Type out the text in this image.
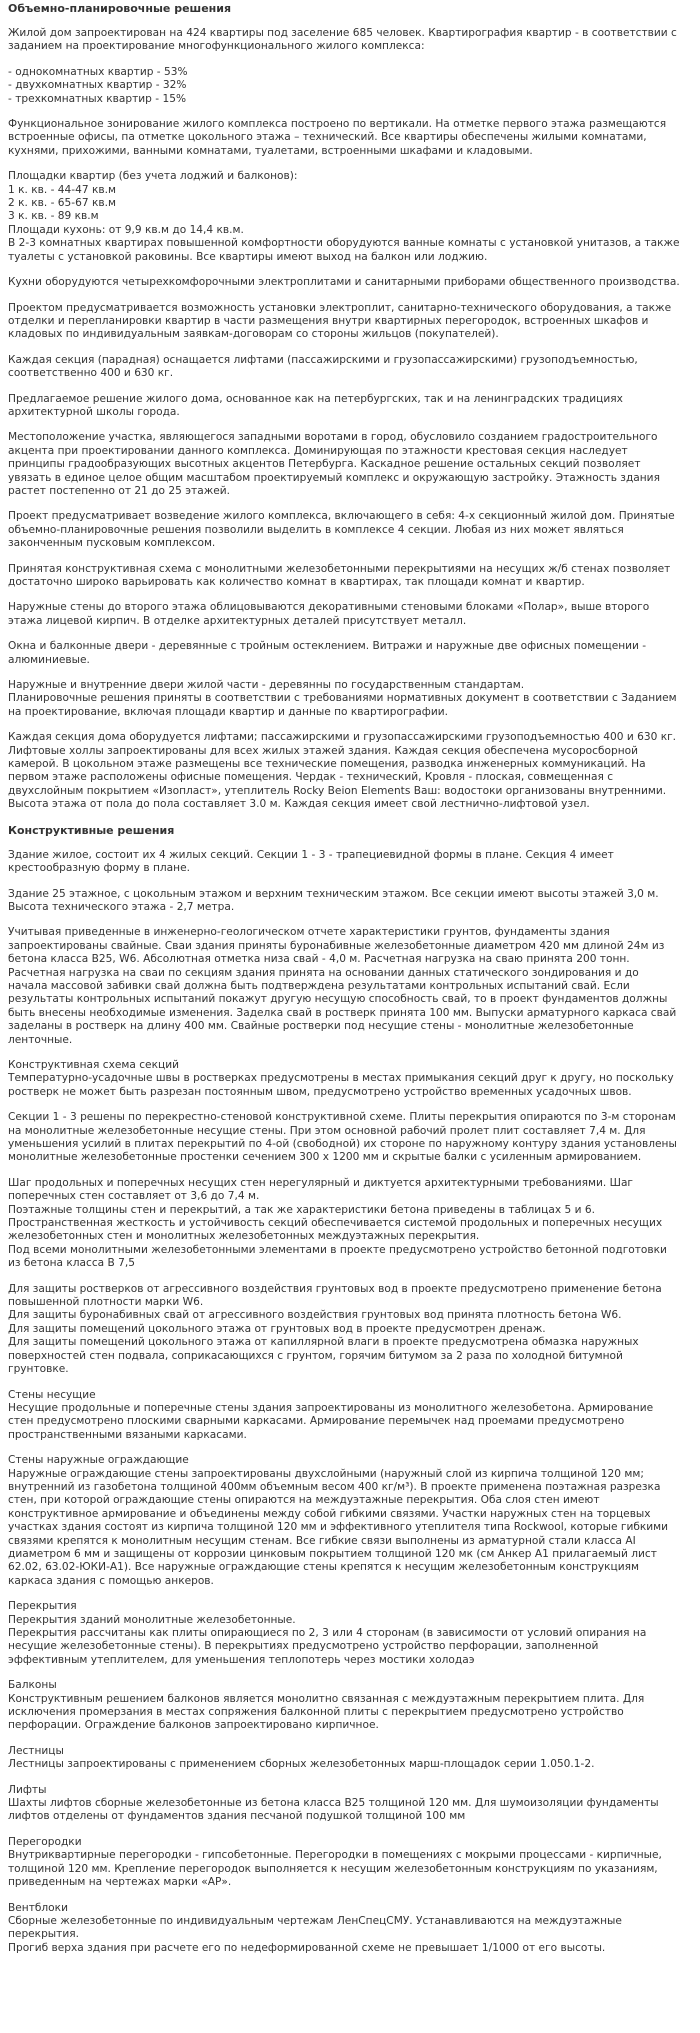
Объемно-планировочные решения

Жилой дом запроектирован на 424 квартиры под заселение 685 человек. Квартирография квартир - в соответствии с заданием на проектирование многофункционального жилого комплекса:

- однокомнатных квартир - 53%
- двухкомнатных квартир - 32%
- трехкомнатных квартир - 15%

Функциональное зонирование жилого комплекса построено по вертикали. На отметке первого этажа размещаются встроенные офисы, па отметке цокольного этажа – технический. Все квартиры обеспечены жилыми комнатами, кухнями, прихожими, ванными комнатами, туалетами, встроенными шкафами и кладовыми.

Площадки квартир (без учета лоджий и балконов):
1 к. кв. - 44-47 кв.м
2 к. кв. - 65-67 кв.м
3 к. кв. - 89 кв.м
Площади кухонь: от 9,9 кв.м до 14,4 кв.м.
В 2-3 комнатных квартирах повышенной комфортности оборудуются ванные комнаты с установкой унитазов, а также туалеты с установкой раковины. Все квартиры имеют выход на балкон или лоджию.

Кухни оборудуются четырехкомфорочными электроплитами и санитарными приборами общественного производства.

Проектом предусматривается возможность установки электроплит, санитарно-технического оборудования, а также отделки и перепланировки квартир в части размещения внутри квартирных перегородок, встроенных шкафов и кладовых по индивидуальным заявкам-договорам со стороны жильцов (покупателей).

Каждая секция (парадная) оснащается лифтами (пассажирскими и грузопассажирскими) грузоподъемностью, соответственно 400 и 630 кг.

Предлагаемое решение жилого дома, основанное как на петербургских, так и на ленинградских традициях архитектурной школы города.

Местоположение участка, являющегося западными воротами в город, обусловило созданием градостроительного акцента при проектировании данного комплекса. Доминирующая по этажности крестовая секция наследует принципы градообразующих высотных акцентов Петербурга. Каскадное решение остальных секций позволяет увязать в единое целое общим масштабом проектируемый комплекс и окружающую застройку. Этажность здания растет постепенно от 21 до 25 этажей.

Проект предусматривает возведение жилого комплекса, включающего в себя: 4-х секционный жилой дом. Принятые объемно-планировочные решения позволили выделить в комплексе 4 секции. Любая из них может являться законченным пусковым комплексом.

Принятая конструктивная схема с монолитными железобетонными перекрытиями на несущих ж/б стенах позволяет достаточно широко варьировать как количество комнат в квартирах, так площади комнат и квартир.

Наружные стены до второго этажа облицовываются декоративными стеновыми блоками «Полар», выше второго этажа лицевой кирпич. В отделке архитектурных деталей присутствует металл.

Окна и балконные двери - деревянные с тройным остеклением. Витражи и наружные две офисных помещении - алюминиевые.

Наружные и внутренние двери жилой части - деревянны по государственным стандартам.
Планировочные решения приняты в соответствии с требованиями нормативных документ в соответствии с Заданием на проектирование, включая площади квартир и данные по квартирографии.

Каждая секция дома оборудуется лифтами; пассажирскими и грузопассажирскими грузоподъемностью 400 и 630 кг. Лифтовые холлы запроектированы для всех жилых этажей здания. Каждая секция обеспечена мусоросборной камерой. В цокольном этаже размещены все технические помещения, разводка инженерных коммуникаций. На первом этаже расположены офисные помещения. Чердак - технический, Кровля - плоская, совмещенная с двухслойным покрытием «Изопласт», утеплитель Rocky Beion Elements Ваш: водостоки организованы внутренними. Высота этажа от пола до пола составляет 3.0 м. Каждая секция имеет свой лестнично-лифтовой узел.

Конструктивные решения

Здание жилое, состоит их 4 жилых секций. Секции 1 - 3 - трапециевидной формы в плане. Секция 4 имеет крестообразную форму в плане.

Здание 25 этажное, с цокольным этажом и верхним техническим этажом. Все секции имеют высоты этажей 3,0 м. Высота технического этажа - 2,7 метра.

Учитывая приведенные в инженерно-геологическом отчете характеристики грунтов, фундаменты здания запроектированы свайные. Сваи здания приняты буронабивные железобетонные диаметром 420 мм длиной 24м из бетона класса В25, W6. Абсолютная отметка низа свай - 4,0 м. Расчетная нагрузка на сваю принята 200 тонн. Расчетная нагрузка на сваи по секциям здания принята на основании данных статического зондирования и до начала массовой забивки свай должна быть подтверждена результатами контрольных испытаний свай. Если результаты контрольных испытаний покажут другую несущую способность свай, то в проект фундаментов должны быть внесены необходимые изменения. Заделка свай в ростверк принята 100 мм. Выпуски арматурного каркаса свай заделаны в ростверк на длину 400 мм. Свайные ростверки под несущие стены - монолитные железобетонные ленточные.

Конструктивная схема секций
Температурно-усадочные швы в ростверках предусмотрены в местах примыкания секций друг к другу, но поскольку ростверк не может быть разрезан постоянным швом, предусмотрено устройство временных усадочных швов.

Секции 1 - 3 решены по перекрестно-стеновой конструктивной схеме. Плиты перекрытия опираются по 3-м сторонам на монолитные железобетонные несущие стены. При этом основной рабочий пролет плит составляет 7,4 м. Для уменьшения усилий в плитах перекрытий по 4-ой (свободной) их стороне по наружному контуру здания установлены монолитные железобетонные простенки сечением 300 х 1200 мм и скрытые балки с усиленным армированием.

Шаг продольных и поперечных несущих стен нерегулярный и диктуется архитектурными требованиями. Шаг поперечных стен составляет от 3,6 до 7,4 м.
Поэтажные толщины стен и перекрытий, а так же характеристики бетона приведены в таблицах 5 и 6.
Пространственная жесткость и устойчивость секций обеспечивается системой продольных и поперечных несущих железобетонных стен и монолитных железобетонных междуэтажных перекрытия.
Под всеми монолитными железобетонными элементами в проекте предусмотрено устройство бетонной подготовки из бетона класса В 7,5

Для защиты ростверков от агрессивного воздействия грунтовых вод в проекте предусмотрено применение бетона повышенной плотности марки W6.
Для защиты буронабивных свай от агрессивного воздействия грунтовых вод принята плотность бетона W6.
Для защиты помещений цокольного этажа от грунтовых вод в проекте предусмотрен дренаж.
Для защиты помещений цокольного этажа от капиллярной влаги в проекте предусмотрена обмазка наружных поверхностей стен подвала, соприкасающихся с грунтом, горячим битумом за 2 раза по холодной битумной грунтовке.

Стены несущие
Несущие продольные и поперечные стены здания запроектированы из монолитного железобетона. Армирование стен предусмотрено плоскими сварными каркасами. Армирование перемычек над проемами предусмотрено пространственными вязаными каркасами.

Стены наружные ограждающие
Наружные ограждающие стены запроектированы двухслойными (наружный слой из кирпича толщиной 120 мм; внутренний из газобетона толщиной 400мм объемным весом 400 кг/м³). В проекте применена поэтажная разрезка стен, при которой ограждающие стены опираются на междуэтажные перекрытия. Оба слоя стен имеют конструктивное армирование и объединены между собой гибкими связями. Участки наружных стен на торцевых участках здания состоят из кирпича толщиной 120 мм и эффективного утеплителя типа Rockwool, которые гибкими связями крепятся к монолитным несущим стенам. Все гибкие связи выполнены из арматурной стали класса AI диаметром 6 мм и защищены от коррозии цинковым покрытием толщиной 120 мк (см Анкер А1 прилагаемый лист 62.02, 63.02-ЮКИ-А1). Все наружные ограждающие стены крепятся к несущим железобетонным конструкциям каркаса здания с помощью анкеров.

Перекрытия
Перекрытия зданий монолитные железобетонные.
Перекрытия рассчитаны как плиты опирающиеся по 2, 3 или 4 сторонам (в зависимости от условий опирания на несущие железобетонные стены). В перекрытиях предусмотрено устройство перфорации, заполненной эффективным утеплителем, для уменьшения теплопотерь через мостики холодаэ

Балконы
Конструктивным решением балконов является монолитно связанная с междуэтажным перекрытием плита. Для исключения промерзания в местах сопряжения балконной плиты с перекрытием предусмотрено устройство перфорации. Ограждение балконов запроектировано кирпичное.

Лестницы
Лестницы запроектированы с применением сборных железобетонных марш-площадок серии 1.050.1-2.

Лифты
Шахты лифтов сборные железобетонные из бетона класса В25 толщиной 120 мм. Для шумоизоляции фундаменты лифтов отделены от фундаментов здания песчаной подушкой толщиной 100 мм

Перегородки
Внутриквартирные перегородки - гипсобетонные. Перегородки в помещениях с мокрыми процессами - кирпичные, толщиной 120 мм. Крепление перегородок выполняется к несущим железобетонным конструкциям по указаниям, приведенным на чертежах марки «АР».

Вентблоки
Сборные железобетонные по индивидуальным чертежам ЛенСпецСМУ. Устанавливаются на междуэтажные перекрытия.
Прогиб верха здания при расчете его по недеформированной схеме не превышает 1/1000 от его высоты.
